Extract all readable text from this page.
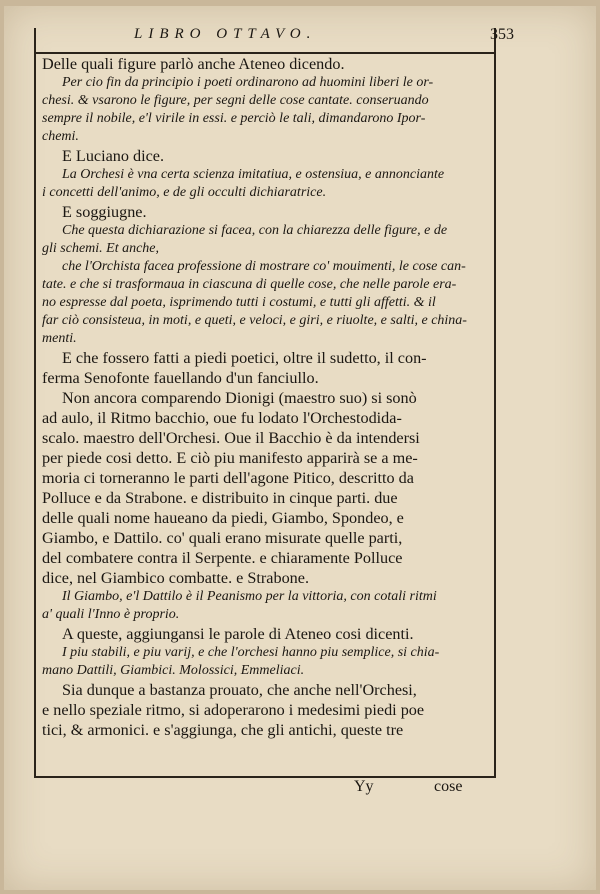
LIBRO OTTAVO.	353
Delle quali figure parlò anche Ateneo dicendo.
Per cio fin da principio i poeti ordinarono ad huomini liberi le or-
chesi. & vsarono le figure, per segni delle cose cantate. conseruando
sempre il nobile, e'l virile in essi. e perciò le tali, dimandarono Ipor-
chemi.
E Luciano dice.
La Orchesi è vna certa scienza imitatiua, e ostensiua, e annonciante
i concetti dell'animo, e de gli occulti dichiaratrice.
E soggiugne.
Che questa dichiarazione si facea, con la chiarezza delle figure, e de
gli schemi. Et anche,
che l'Orchista facea professione di mostrare co' mouimenti, le cose can-
tate. e che si trasformaua in ciascuna di quelle cose, che nelle parole era-
no espresse dal poeta, isprimendo tutti i costumi, e tutti gli affetti. & il
far ciò consisteua, in moti, e queti, e veloci, e giri, e riuolte, e salti, e china-
menti.
E che fossero fatti a piedi poetici, oltre il sudetto, il con-
ferma Senofonte fauellando d'un fanciullo.
Non ancora comparendo Dionigi (maestro suo) si sonò
ad aulo, il Ritmo bacchio, oue fu lodato l'Orchestodida-
scalo. maestro dell'Orchesi. Oue il Bacchio è da intendersi
per piede cosi detto. E ciò piu manifesto apparirà se a me-
moria ci torneranno le parti dell'agone Pitico, descritto da
Polluce e da Strabone. e distribuito in cinque parti. due
delle quali nome haueano da piedi, Giambo, Spondeo, e
Giambo, e Dattilo. co' quali erano misurate quelle parti,
del combatere contra il Serpente. e chiaramente Polluce
dice, nel Giambico combatte. e Strabone.
Il Giambo, e'l Dattilo è il Peanismo per la vittoria, con cotali ritmi
a' quali l'Inno è proprio.
A queste, aggiungansi le parole di Ateneo cosi dicenti.
I piu stabili, e piu varij, e che l'orchesi hanno piu semplice, si chia-
mano Dattili, Giambici. Molossici, Emmeliaci.
Sia dunque a bastanza prouato, che anche nell'Orchesi,
e nello speziale ritmo, si adoperarono i medesimi piedi poe
tici, & armonici. e s'aggiunga, che gli antichi, queste tre
Yy	cose
